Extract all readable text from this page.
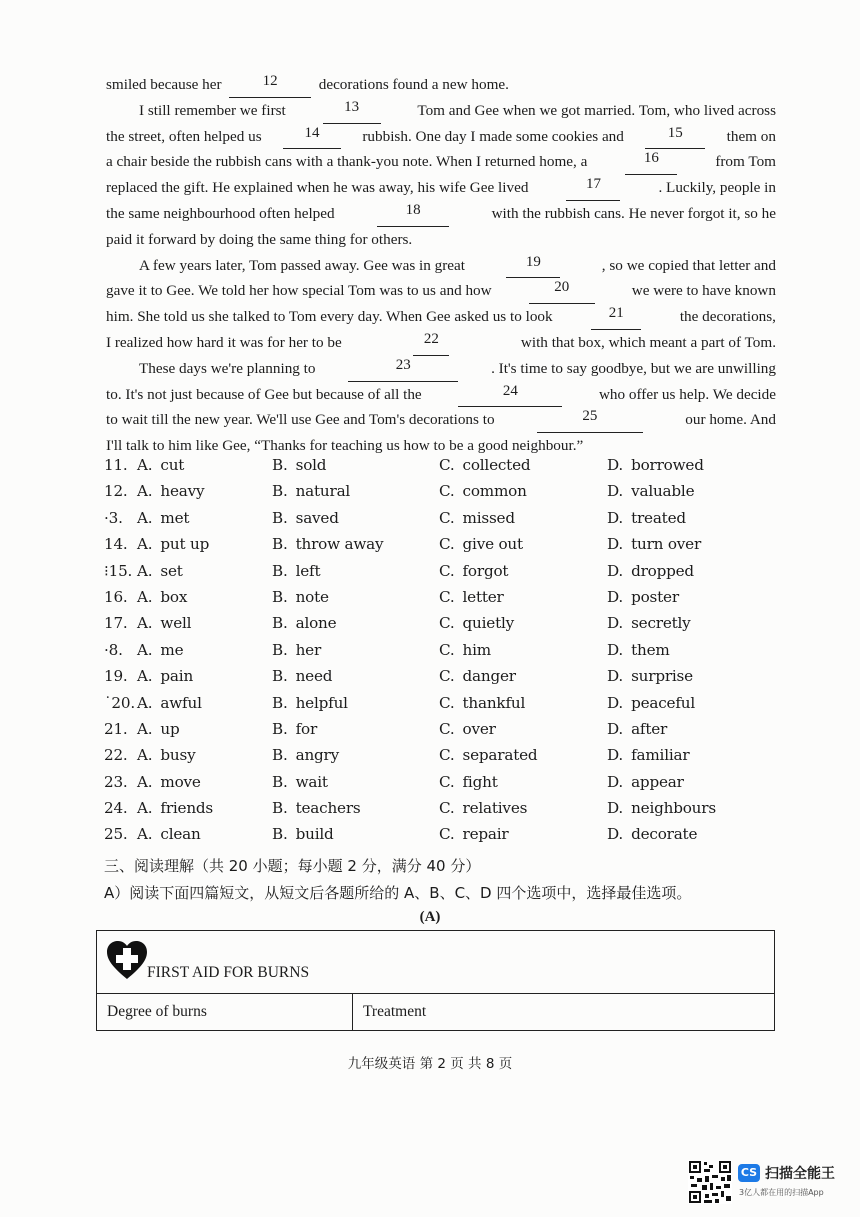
smiled because her
	12
	decorations found a new home.
I still remember we first	13	Tom and Gee when we got married. Tom, who lived across
the street, often helped us	14	rubbish. One day I made some cookies and	15	them on
a chair beside the rubbish cans with a thank-you note. When I returned home, a	16	from Tom
replaced the gift. He explained when he was away, his wife Gee lived	17	. Luckily, people in
the same neighbourhood often helped	18	with the rubbish cans. He never forgot it, so he
paid it forward by doing the same thing for others.
A few years later, Tom passed away. Gee was in great	19	, so we copied that letter and
gave it to Gee. We told her how special Tom was to us and how	20	we were to have known
him. She told us she talked to Tom every day. When Gee asked us to look	21	the decorations,
I realized how hard it was for her to be	22	with that box, which meant a part of Tom.
These days we're planning to	23	. It's time to say goodbye, but we are unwilling
to. It's not just because of Gee but because of all the	24	who offer us help. We decide
to wait till the new year. We'll use Gee and Tom's decorations to	25	our home. And
I'll talk to him like Gee, “Thanks for teaching us how to be a good neighbour.”
11. A. cut	B. sold	C. collected	D. borrowed
12. A. heavy	B. natural	C. common	D. valuable
·3. A. met	B. saved	C. missed	D. treated
14. A. put up	B. throw away	C. give out	D. turn over
⁝15. A. set	B. left	C. forgot	D. dropped
16. A. box	B. note	C. letter	D. poster
17. A. well	B. alone	C. quietly	D. secretly
·8. A. me	B. her	C. him	D. them
19. A. pain	B. need	C. danger	D. surprise
˙20. A. awful	B. helpful	C. thankful	D. peaceful
21. A. up	B. for	C. over	D. after
22. A. busy	B. angry	C. separated	D. familiar
23. A. move	B. wait	C. fight	D. appear
24. A. friends	B. teachers	C. relatives	D. neighbours
25. A. clean	B. build	C. repair	D. decorate
三、阅读理解（共 20 小题；每小题 2 分，满分 40 分）
A）阅读下面四篇短文，从短文后各题所给的 A、B、C、D 四个选项中，选择最佳选项。
(A)
FIRST AID FOR BURNS
Degree of burns	Treatment
九年级英语 第 2 页 共 8 页
CS 扫描全能王
3亿人都在用的扫描App
